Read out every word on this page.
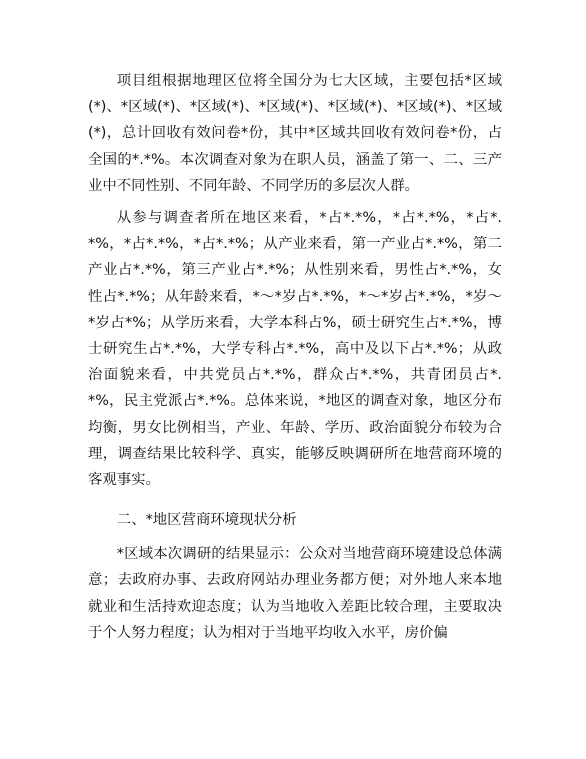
项目组根据地理区位将全国分为七大区域，主要包括*区域(*)、*区域(*)、*区域(*)、*区域(*)、*区域(*)、*区域(*)、*区域(*)，总计回收有效问卷*份，其中*区域共回收有效问卷*份，占全国的*.*%。本次调查对象为在职人员，涵盖了第一、二、三产业中不同性别、不同年龄、不同学历的多层次人群。

从参与调查者所在地区来看，*占*.*%，*占*.*%，*占*.*%，*占*.*%，*占*.*%；从产业来看，第一产业占*.*%，第二产业占*.*%，第三产业占*.*%；从性别来看，男性占*.*%，女性占*.*%；从年龄来看，*～*岁占*.*%，*～*岁占*.*%，*岁～*岁占*%；从学历来看，大学本科占%，硕士研究生占*.*%，博士研究生占*.*%，大学专科占*.*%，高中及以下占*.*%；从政治面貌来看，中共党员占*.*%，群众占*.*%，共青团员占*.*%，民主党派占*.*%。总体来说，*地区的调查对象，地区分布均衡，男女比例相当，产业、年龄、学历、政治面貌分布较为合理，调查结果比较科学、真实，能够反映调研所在地营商环境的客观事实。

二、*地区营商环境现状分析

*区域本次调研的结果显示：公众对当地营商环境建设总体满意；去政府办事、去政府网站办理业务都方便；对外地人来本地就业和生活持欢迎态度；认为当地收入差距比较合理，主要取决于个人努力程度；认为相对于当地平均收入水平，房价偏
